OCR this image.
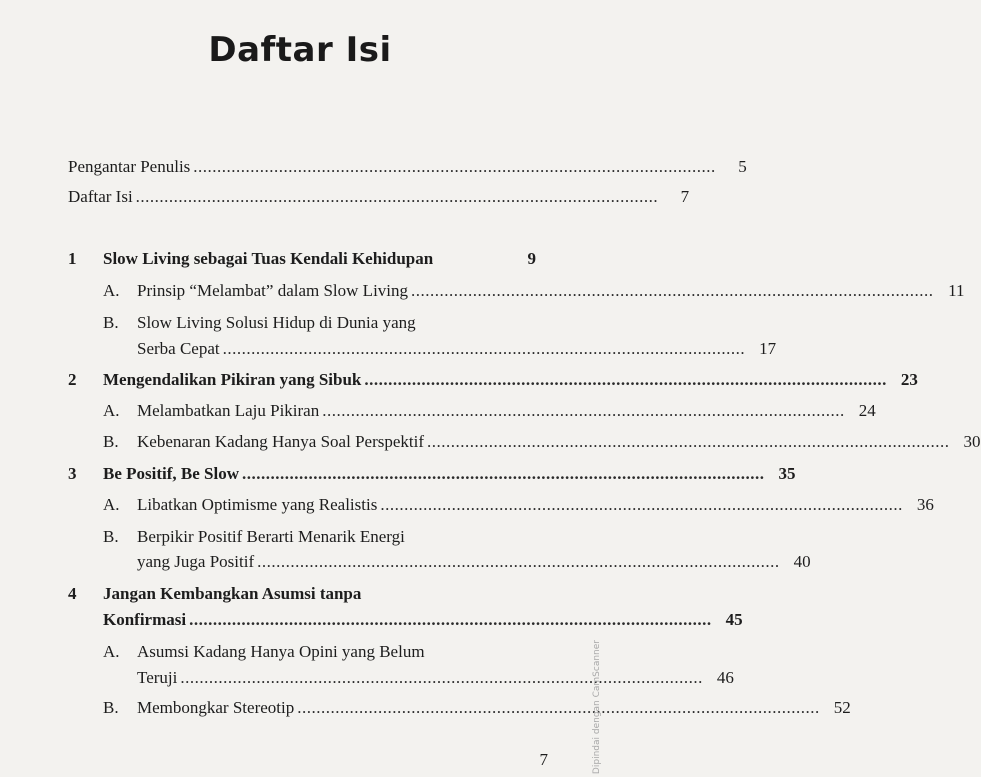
Daftar Isi
Pengantar Penulis ..............................................................................................................	5
Daftar Isi ..............................................................................................................	7
1 Slow Living sebagai Tuas Kendali Kehidupan	9
A. Prinsip “Melambat” dalam Slow Living .............................................................................................................. 11
B. Slow Living Solusi Hidup di Dunia yang
Serba Cepat .............................................................................................................. 17
2 Mengendalikan Pikiran yang Sibuk .............................................................................................................. 23
A. Melambatkan Laju Pikiran .............................................................................................................. 24
B. Kebenaran Kadang Hanya Soal Perspektif .............................................................................................................. 30
3 Be Positif, Be Slow .............................................................................................................. 35
A. Libatkan Optimisme yang Realistis .............................................................................................................. 36
B. Berpikir Positif Berarti Menarik Energi
yang Juga Positif .............................................................................................................. 40
4 Jangan Kembangkan Asumsi tanpa
Konfirmasi .............................................................................................................. 45
A. Asumsi Kadang Hanya Opini yang Belum
Teruji .............................................................................................................. 46
B. Membongkar Stereotip .............................................................................................................. 52
7	Dipindai dengan CamScanner
